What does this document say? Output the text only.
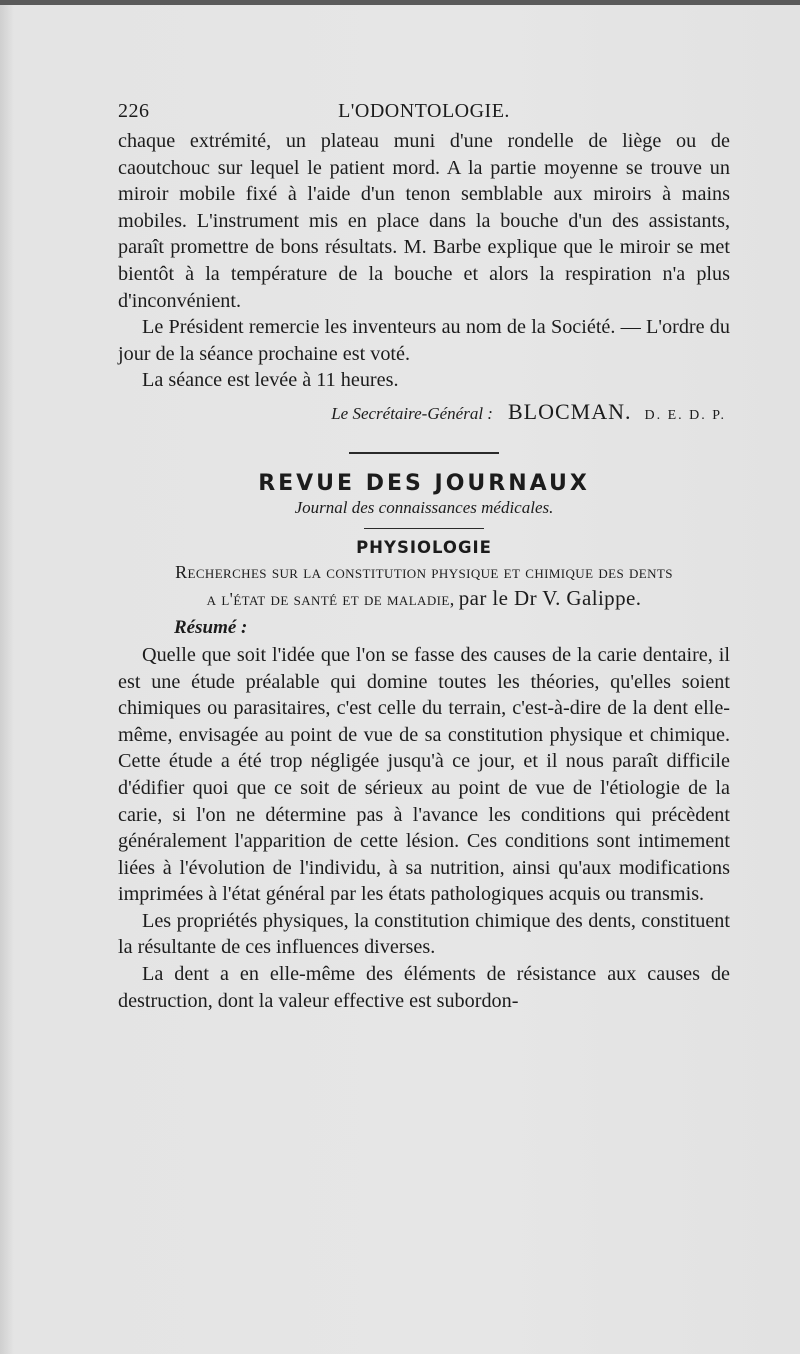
226	L'ODONTOLOGIE.

chaque extrémité, un plateau muni d'une rondelle de liège ou de caoutchouc sur lequel le patient mord. A la partie moyenne se trouve un miroir mobile fixé à l'aide d'un tenon semblable aux miroirs à mains mobiles. L'instrument mis en place dans la bouche d'un des assistants, paraît promettre de bons résultats. M. Barbe explique que le miroir se met bientôt à la température de la bouche et alors la respiration n'a plus d'inconvénient.

Le Président remercie les inventeurs au nom de la Société. — L'ordre du jour de la séance prochaine est voté.

La séance est levée à 11 heures.

Le Secrétaire-Général : BLOCMAN. D. E. D. P.
REVUE DES JOURNAUX
Journal des connaissances médicales.
PHYSIOLOGIE
Recherches sur la constitution physique et chimique des dents
a l'état de santé et de maladie, par le Dr V. Galippe.
Résumé :

Quelle que soit l'idée que l'on se fasse des causes de la carie dentaire, il est une étude préalable qui domine toutes les théories, qu'elles soient chimiques ou parasitaires, c'est celle du terrain, c'est-à-dire de la dent elle-même, envisagée au point de vue de sa constitution physique et chimique. Cette étude a été trop négligée jusqu'à ce jour, et il nous paraît difficile d'édifier quoi que ce soit de sérieux au point de vue de l'étiologie de la carie, si l'on ne détermine pas à l'avance les conditions qui précèdent généralement l'apparition de cette lésion. Ces conditions sont intimement liées à l'évolution de l'individu, à sa nutrition, ainsi qu'aux modifications imprimées à l'état général par les états pathologiques acquis ou transmis.

Les propriétés physiques, la constitution chimique des dents, constituent la résultante de ces influences diverses.

La dent a en elle-même des éléments de résistance aux causes de destruction, dont la valeur effective est subordon-
